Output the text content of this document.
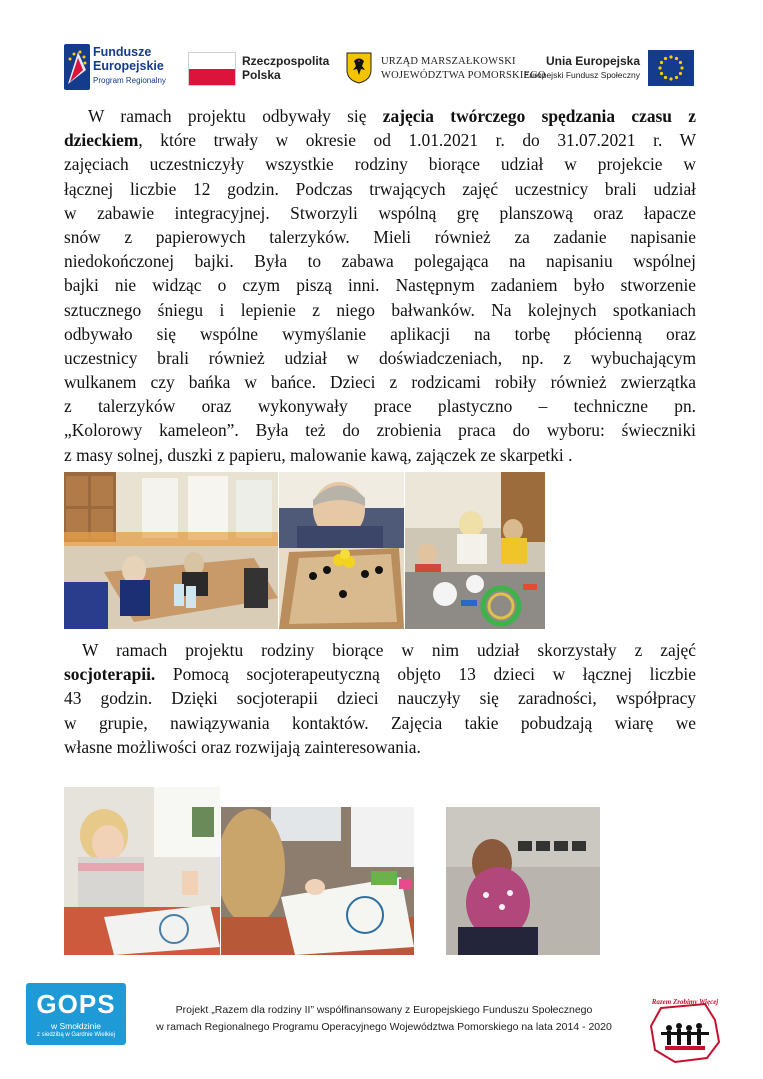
Fundusze
Europejskie
Program Regionalny
Rzeczpospolita
Polska
URZĄD MARSZAŁKOWSKI
WOJEWÓDZTWA POMORSKIEGO
Unia Europejska
Europejski Fundusz Społeczny
W ramach projektu odbywały się zajęcia twórczego spędzania czasu z
dzieckiem, które trwały w okresie od 1.01.2021 r. do 31.07.2021 r. W
zajęciach uczestniczyły wszystkie rodziny biorące udział w projekcie w
łącznej liczbie 12 godzin. Podczas trwających zajęć uczestnicy brali udział
w zabawie integracyjnej. Stworzyli wspólną grę planszową oraz łapacze
snów z papierowych talerzyków. Mieli również za zadanie napisanie
niedokończonej bajki. Była to zabawa polegająca na napisaniu wspólnej
bajki nie widząc o czym piszą inni. Następnym zadaniem było stworzenie
sztucznego śniegu i lepienie z niego bałwanków. Na kolejnych spotkaniach
odbywało się wspólne wymyślanie aplikacji na torbę płócienną oraz
uczestnicy brali również udział w doświadczeniach, np. z wybuchającym
wulkanem czy bańka w bańce. Dzieci z rodzicami robiły również zwierzątka
z talerzyków oraz wykonywały prace plastyczno – techniczne pn.
„Kolorowy kameleon”. Była też do zrobienia praca do wyboru: świeczniki
z masy solnej, duszki z papieru, malowanie kawą, zajączek ze skarpetki .
W ramach projektu rodziny biorące w nim udział skorzystały z zajęć
socjoterapii. Pomocą socjoterapeutyczną objęto 13 dzieci w łącznej liczbie
43 godzin. Dzięki socjoterapii dzieci nauczyły się zaradności, współpracy
w grupie, nawiązywania kontaktów. Zajęcia takie pobudzają wiarę we
własne możliwości oraz rozwijają zainteresowania.
GOPS
w Smołdzinie
z siedzibą w Gardnie Wielkiej
Projekt „Razem dla rodziny II” współfinansowany z Europejskiego Funduszu Społecznego
w ramach Regionalnego Programu Operacyjnego Województwa Pomorskiego na lata 2014 - 2020
Razem Zrobimy Więcej
